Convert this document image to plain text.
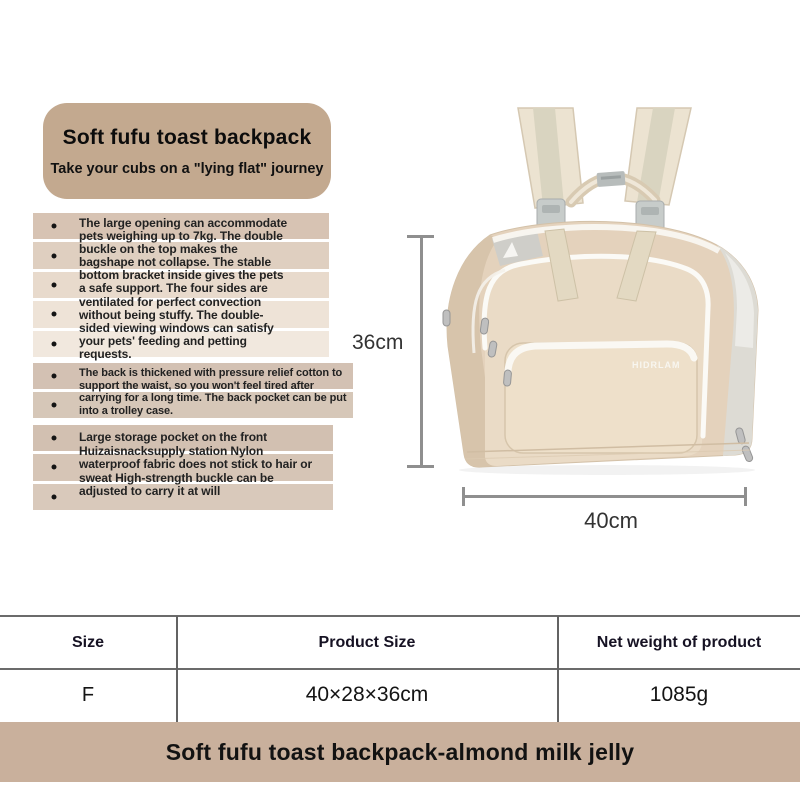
Soft fufu toast backpack
Take your cubs on a "lying flat" journey
The large opening can accommodate pets weighing up to 7kg. The double buckle on the top makes the bagshape not collapse. The stable bottom bracket inside gives the pets a safe support. The four sides are ventilated for perfect convection without being stuffy. The double-sided viewing windows can satisfy your pets' feeding and petting requests.
The back is thickened with pressure relief cotton to support the waist, so you won't feel tired after carrying for a long time. The back pocket can be put into a trolley case.
Large storage pocket on the front Huizaisnacksupply station Nylon waterproof fabric does not stick to hair or sweat High-strength buckle can be adjusted to carry it at will
HIDRLAM
36cm
40cm
Size	Product Size	Net weight of product
F	40×28×36cm	1085g
Soft fufu toast backpack-almond milk jelly
